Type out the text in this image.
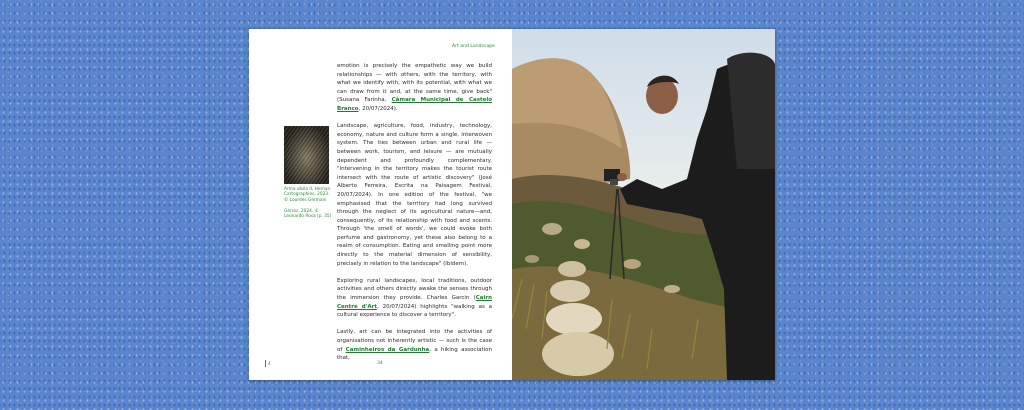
Art and Landscape
Arma sibila II, Hernan Cartographies, 2023. © Lourdes Germani
Gerroz, 2024. © Leonardo Rosa (p. 35)

emotion is precisely the empathetic way we build relationships — with others, with the territory, with what we identify with, with its potential, with what we can draw from it and, at the same time, give back" (Susana Farinha, Câmara Municipal de Castelo Branco, 20/07/2024).

Landscape, agriculture, food, industry, technology, economy, nature and culture form a single, interwoven system. The ties between urban and rural life — between work, tourism, and leisure — are mutually dependent and profoundly complementary. "Intervening in the territory makes the tourist route intersect with the route of artistic discovery" (José Alberto Ferreira, Escrita na Paisagem Festival, 20/07/2024). In one edition of the festival, "we emphasised that the territory had long survived through the neglect of its agricultural nature—and, consequently, of its relationship with food and scents. Through 'the smell of words', we could evoke both perfume and gastronomy, yet these also belong to a realm of consumption. Eating and smelling point more directly to the material dimension of sensibility, precisely in relation to the landscape" (ibidem).

Exploring rural landscapes, local traditions, outdoor activities and others directly awake the senses through the immersion they provide. Charles Garcin (Cairn Centre d'Art, 20/07/2024) highlights "walking as a cultural experience to discover a territory".

Lastly, art can be integrated into the activities of organisations not inherently artistic — such is the case of Caminheiros da Gardunha, a hiking association that,

4	34
